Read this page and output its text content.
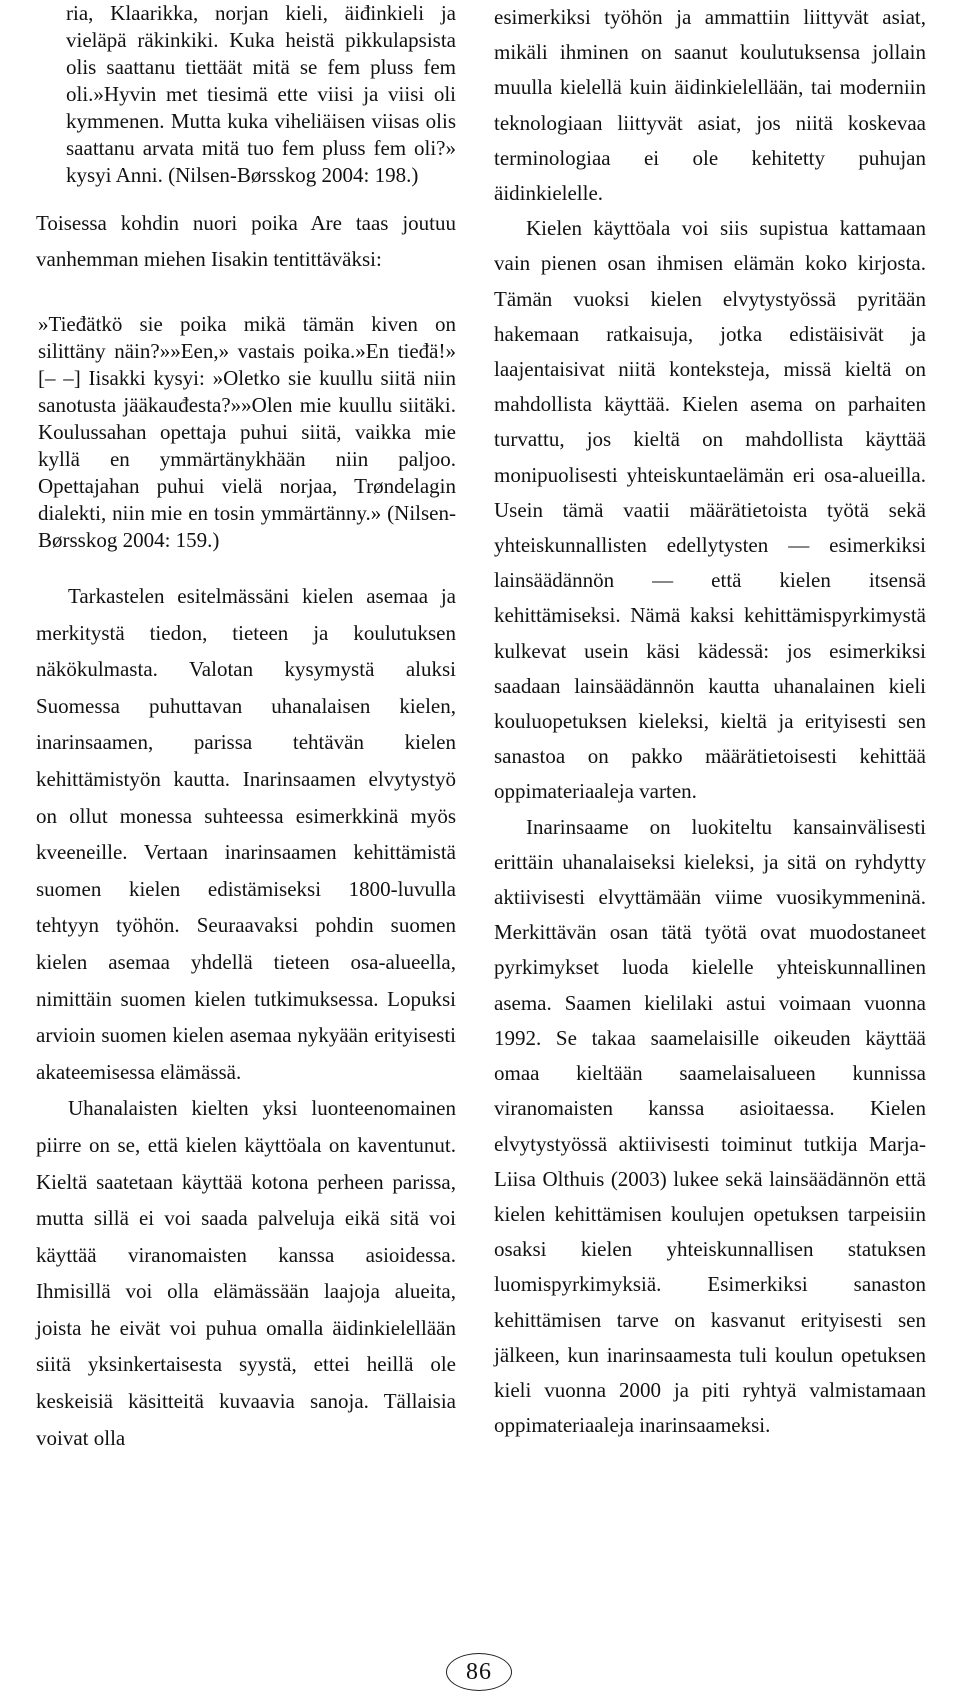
ria, Klaarikka, norjan kieli, äiđinkieli ja vieläpä räkinkiki. Kuka heistä pikkulapsista olis saattanu tiettäät mitä se fem pluss fem oli.»Hyvin met tiesimä ette viisi ja viisi oli kymmenen. Mutta kuka viheliäisen viisas olis saattanu arvata mitä tuo fem pluss fem oli?» kysyi Anni. (Nilsen-Børsskog 2004: 198.)

Toisessa kohdin nuori poika Are taas joutuu vanhemman miehen Iisakin tentittäväksi:

»Tieđätkö sie poika mikä tämän kiven on silittäny näin?»»Een,» vastais poika.»En tieđä!» [– –] Iisakki kysyi: »Oletko sie kuullu siitä niin sanotusta jääkauđesta?»»Olen mie kuullu siitäki. Koulussahan opettaja puhui siitä, vaikka mie kyllä en ymmärtänykhään niin paljoo. Opettajahan puhui vielä norjaa, Trøndelagin dialekti, niin mie en tosin ymmärtänny.» (Nilsen-Børsskog 2004: 159.)

Tarkastelen esitelmässäni kielen asemaa ja merkitystä tiedon, tieteen ja koulutuksen näkökulmasta. Valotan kysymystä aluksi Suomessa puhuttavan uhanalaisen kielen, inarinsaamen, parissa tehtävän kielen kehittämistyön kautta. Inarinsaamen elvytystyö on ollut monessa suhteessa esimerkkinä myös kveeneille. Vertaan inarinsaamen kehittämistä suomen kielen edistämiseksi 1800-luvulla tehtyyn työhön. Seuraavaksi pohdin suomen kielen asemaa yhdellä tieteen osa-alueella, nimittäin suomen kielen tutkimuksessa. Lopuksi arvioin suomen kielen asemaa nykyään erityisesti akateemisessa elämässä.

Uhanalaisten kielten yksi luonteenomainen piirre on se, että kielen käyttöala on kaventunut. Kieltä saatetaan käyttää kotona perheen parissa, mutta sillä ei voi saada palveluja eikä sitä voi käyttää viranomaisten kanssa asioidessa. Ihmisillä voi olla elämässään laajoja alueita, joista he eivät voi puhua omalla äidinkielellään siitä yksinkertaisesta syystä, ettei heillä ole keskeisiä käsitteitä kuvaavia sanoja. Tällaisia voivat olla

esimerkiksi työhön ja ammattiin liittyvät asiat, mikäli ihminen on saanut koulutuksensa jollain muulla kielellä kuin äidinkielellään, tai moderniin teknologiaan liittyvät asiat, jos niitä koskevaa terminologiaa ei ole kehitetty puhujan äidinkielelle.

Kielen käyttöala voi siis supistua kattamaan vain pienen osan ihmisen elämän koko kirjosta. Tämän vuoksi kielen elvytystyössä pyritään hakemaan ratkaisuja, jotka edistäisivät ja laajentaisivat niitä konteksteja, missä kieltä on mahdollista käyttää. Kielen asema on parhaiten turvattu, jos kieltä on mahdollista käyttää monipuolisesti yhteiskuntaelämän eri osa-alueilla. Usein tämä vaatii määrätietoista työtä sekä yhteiskunnallisten edellytysten — esimerkiksi lainsäädännön — että kielen itsensä kehittämiseksi. Nämä kaksi kehittämispyrkimystä kulkevat usein käsi kädessä: jos esimerkiksi saadaan lainsäädännön kautta uhanalainen kieli kouluopetuksen kieleksi, kieltä ja erityisesti sen sanastoa on pakko määrätietoisesti kehittää oppimateriaaleja varten.

Inarinsaame on luokiteltu kansainvälisesti erittäin uhanalaiseksi kieleksi, ja sitä on ryhdytty aktiivisesti elvyttämään viime vuosikymmeninä. Merkittävän osan tätä työtä ovat muodostaneet pyrkimykset luoda kielelle yhteiskunnallinen asema. Saamen kielilaki astui voimaan vuonna 1992. Se takaa saamelaisille oikeuden käyttää omaa kieltään saamelaisalueen kunnissa viranomaisten kanssa asioitaessa. Kielen elvytystyössä aktiivisesti toiminut tutkija Marja-Liisa Olthuis (2003) lukee sekä lainsäädännön että kielen kehittämisen koulujen opetuksen tarpeisiin osaksi kielen yhteiskunnallisen statuksen luomispyrkimyksiä. Esimerkiksi sanaston kehittämisen tarve on kasvanut erityisesti sen jälkeen, kun inarinsaamesta tuli koulun opetuksen kieli vuonna 2000 ja piti ryhtyä valmistamaan oppimateriaaleja inarinsaameksi.

86
